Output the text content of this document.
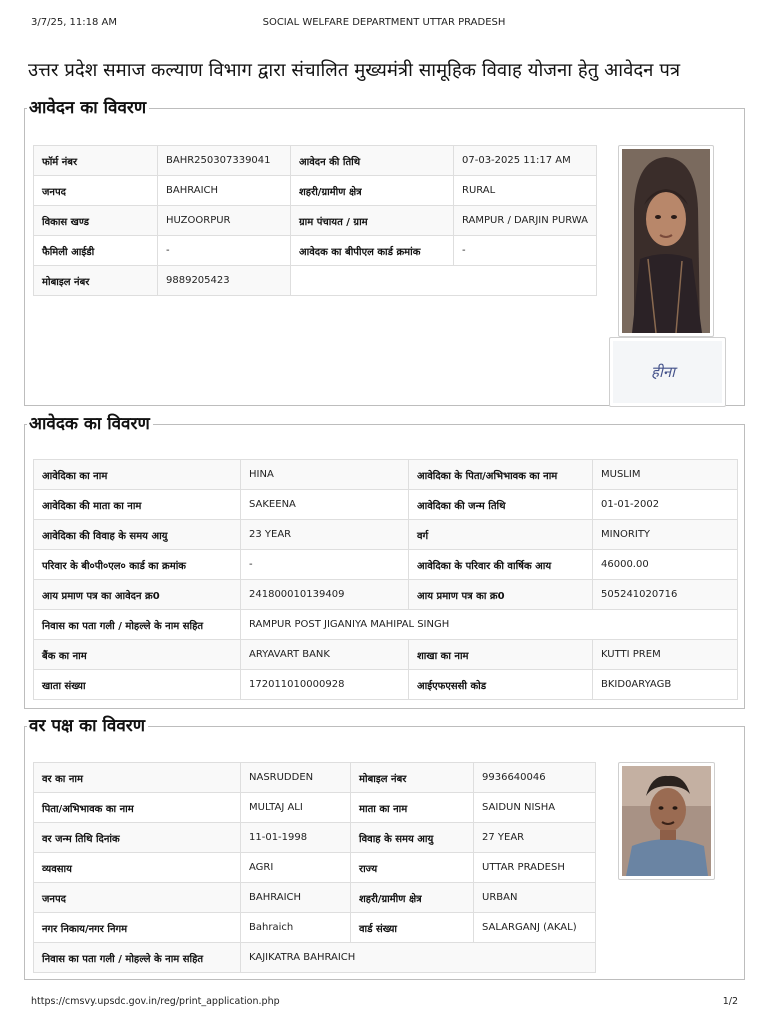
3/7/25, 11:18 AM	SOCIAL WELFARE DEPARTMENT UTTAR PRADESH
उत्तर प्रदेश समाज कल्याण विभाग द्वारा संचालित मुख्यमंत्री सामूहिक विवाह योजना हेतु आवेदन पत्र
आवेदन का विवरण
फॉर्म नंबर	BAHR250307339041	आवेदन की तिथि	07-03-2025 11:17 AM
जनपद	BAHRAICH	शहरी/ग्रामीण क्षेत्र	RURAL
विकास खण्ड	HUZOORPUR	ग्राम पंचायत / ग्राम	RAMPUR / DARJIN PURWA
फैमिली आईडी	-	आवेदक का बीपीएल कार्ड क्रमांक	-
मोबाइल नंबर	9889205423		
हीना
आवेदक का विवरण
आवेदिका का नाम	HINA	आवेदिका के पिता/अभिभावक का नाम	MUSLIM
आवेदिका की माता का नाम	SAKEENA	आवेदिका की जन्म तिथि	01-01-2002
आवेदिका की विवाह के समय आयु	23 YEAR	वर्ग	MINORITY
परिवार के बी०पी०एल० कार्ड का क्रमांक	-	आवेदिका के परिवार की वार्षिक आय	46000.00
आय प्रमाण पत्र का आवेदन क्र0	241800010139409	आय प्रमाण पत्र का क्र0	505241020716
निवास का पता गली / मोहल्ले के नाम सहित	RAMPUR POST JIGANIYA MAHIPAL SINGH		
बैंक का नाम	ARYAVART BANK	शाखा का नाम	KUTTI PREM
खाता संख्या	172011010000928	आईएफएससी कोड	BKID0ARYAGB
वर पक्ष का विवरण
वर का नाम	NASRUDDEN	मोबाइल नंबर	9936640046
पिता/अभिभावक का नाम	MULTAJ ALI	माता का नाम	SAIDUN NISHA
वर जन्म तिथि दिनांक	11-01-1998	विवाह के समय आयु	27 YEAR
व्यवसाय	AGRI	राज्य	UTTAR PRADESH
जनपद	BAHRAICH	शहरी/ग्रामीण क्षेत्र	URBAN
नगर निकाय/नगर निगम	Bahraich	वार्ड संख्या	SALARGANJ (AKAL)
निवास का पता गली / मोहल्ले के नाम सहित	KAJIKATRA BAHRAICH		
https://cmsvy.upsdc.gov.in/reg/print_application.php	1/2
